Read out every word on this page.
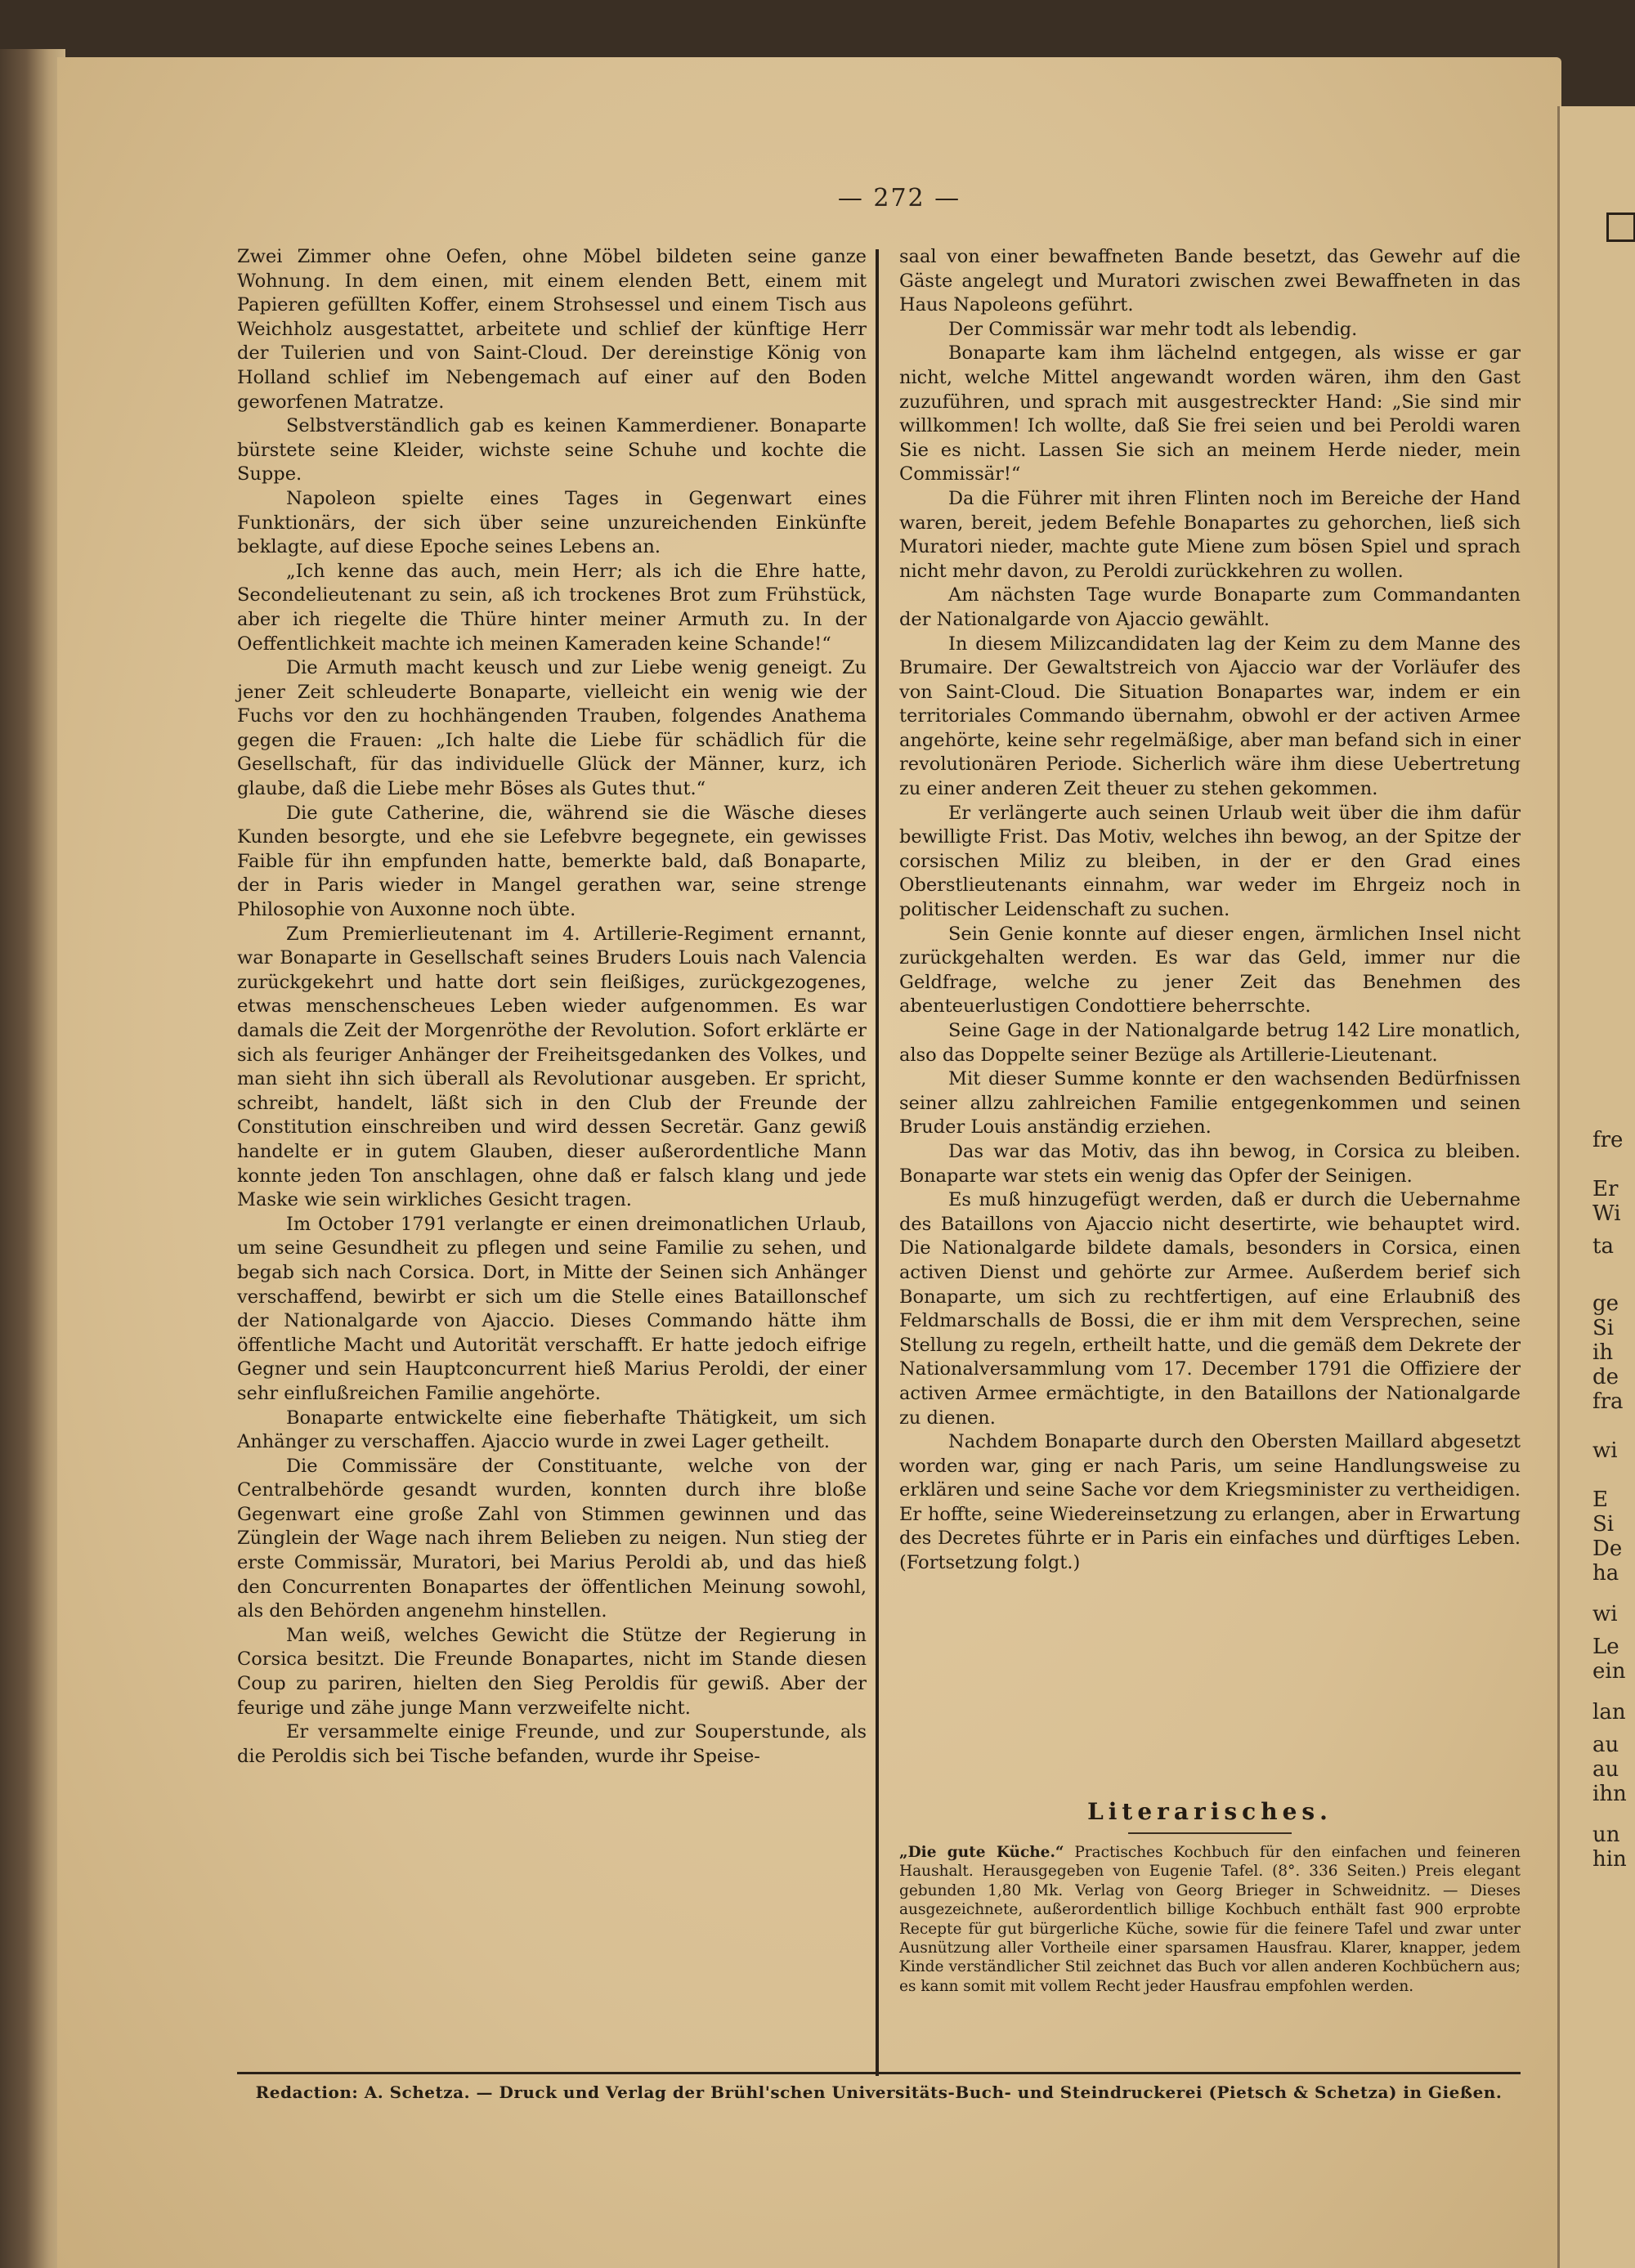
fre
Er
Wi
ta
ge
Si
ih
de
fra
wi
E
Si
De
ha
wi
Le
ein
lan
au
au
ihn
un
hin
— 272 —

Zwei Zimmer ohne Oefen, ohne Möbel bildeten seine ganze Wohnung. In dem einen, mit einem elenden Bett, einem mit Papieren gefüllten Koffer, einem Strohsessel und einem Tisch aus Weichholz ausgestattet, arbeitete und schlief der künftige Herr der Tuilerien und von Saint-Cloud. Der dereinstige König von Holland schlief im Nebengemach auf einer auf den Boden geworfenen Matratze.

Selbstverständlich gab es keinen Kammerdiener. Bonaparte bürstete seine Kleider, wichste seine Schuhe und kochte die Suppe.

Napoleon spielte eines Tages in Gegenwart eines Funktionärs, der sich über seine unzureichenden Einkünfte beklagte, auf diese Epoche seines Lebens an.

„Ich kenne das auch, mein Herr; als ich die Ehre hatte, Secondelieutenant zu sein, aß ich trockenes Brot zum Frühstück, aber ich riegelte die Thüre hinter meiner Armuth zu. In der Oeffentlichkeit machte ich meinen Kameraden keine Schande!“

Die Armuth macht keusch und zur Liebe wenig geneigt. Zu jener Zeit schleuderte Bonaparte, vielleicht ein wenig wie der Fuchs vor den zu hochhängenden Trauben, folgendes Anathema gegen die Frauen: „Ich halte die Liebe für schädlich für die Gesellschaft, für das individuelle Glück der Männer, kurz, ich glaube, daß die Liebe mehr Böses als Gutes thut.“

Die gute Catherine, die, während sie die Wäsche dieses Kunden besorgte, und ehe sie Lefebvre begegnete, ein gewisses Faible für ihn empfunden hatte, bemerkte bald, daß Bonaparte, der in Paris wieder in Mangel gerathen war, seine strenge Philosophie von Auxonne noch übte.

Zum Premierlieutenant im 4. Artillerie-Regiment ernannt, war Bonaparte in Gesellschaft seines Bruders Louis nach Valencia zurückgekehrt und hatte dort sein fleißiges, zurückgezogenes, etwas menschenscheues Leben wieder aufgenommen. Es war damals die Zeit der Morgenröthe der Revolution. Sofort erklärte er sich als feuriger Anhänger der Freiheitsgedanken des Volkes, und man sieht ihn sich überall als Revolutionar ausgeben. Er spricht, schreibt, handelt, läßt sich in den Club der Freunde der Constitution einschreiben und wird dessen Secretär. Ganz gewiß handelte er in gutem Glauben, dieser außerordentliche Mann konnte jeden Ton anschlagen, ohne daß er falsch klang und jede Maske wie sein wirkliches Gesicht tragen.

Im October 1791 verlangte er einen dreimonatlichen Urlaub, um seine Gesundheit zu pflegen und seine Familie zu sehen, und begab sich nach Corsica. Dort, in Mitte der Seinen sich Anhänger verschaffend, bewirbt er sich um die Stelle eines Bataillonschef der Nationalgarde von Ajaccio. Dieses Commando hätte ihm öffentliche Macht und Autorität verschafft. Er hatte jedoch eifrige Gegner und sein Hauptconcurrent hieß Marius Peroldi, der einer sehr einflußreichen Familie angehörte.

Bonaparte entwickelte eine fieberhafte Thätigkeit, um sich Anhänger zu verschaffen. Ajaccio wurde in zwei Lager getheilt.

Die Commissäre der Constituante, welche von der Centralbehörde gesandt wurden, konnten durch ihre bloße Gegenwart eine große Zahl von Stimmen gewinnen und das Zünglein der Wage nach ihrem Belieben zu neigen. Nun stieg der erste Commissär, Muratori, bei Marius Peroldi ab, und das hieß den Concurrenten Bonapartes der öffentlichen Meinung sowohl, als den Behörden angenehm hinstellen.

Man weiß, welches Gewicht die Stütze der Regierung in Corsica besitzt. Die Freunde Bonapartes, nicht im Stande diesen Coup zu pariren, hielten den Sieg Peroldis für gewiß. Aber der feurige und zähe junge Mann verzweifelte nicht.

Er versammelte einige Freunde, und zur Souperstunde, als die Peroldis sich bei Tische befanden, wurde ihr Speise-

saal von einer bewaffneten Bande besetzt, das Gewehr auf die Gäste angelegt und Muratori zwischen zwei Bewaffneten in das Haus Napoleons geführt.

Der Commissär war mehr todt als lebendig.

Bonaparte kam ihm lächelnd entgegen, als wisse er gar nicht, welche Mittel angewandt worden wären, ihm den Gast zuzuführen, und sprach mit ausgestreckter Hand: „Sie sind mir willkommen! Ich wollte, daß Sie frei seien und bei Peroldi waren Sie es nicht. Lassen Sie sich an meinem Herde nieder, mein Commissär!“

Da die Führer mit ihren Flinten noch im Bereiche der Hand waren, bereit, jedem Befehle Bonapartes zu gehorchen, ließ sich Muratori nieder, machte gute Miene zum bösen Spiel und sprach nicht mehr davon, zu Peroldi zurückkehren zu wollen.

Am nächsten Tage wurde Bonaparte zum Commandanten der Nationalgarde von Ajaccio gewählt.

In diesem Milizcandidaten lag der Keim zu dem Manne des Brumaire. Der Gewaltstreich von Ajaccio war der Vorläufer des von Saint-Cloud. Die Situation Bonapartes war, indem er ein territoriales Commando übernahm, obwohl er der activen Armee angehörte, keine sehr regelmäßige, aber man befand sich in einer revolutionären Periode. Sicherlich wäre ihm diese Uebertretung zu einer anderen Zeit theuer zu stehen gekommen.

Er verlängerte auch seinen Urlaub weit über die ihm dafür bewilligte Frist. Das Motiv, welches ihn bewog, an der Spitze der corsischen Miliz zu bleiben, in der er den Grad eines Oberstlieutenants einnahm, war weder im Ehrgeiz noch in politischer Leidenschaft zu suchen.

Sein Genie konnte auf dieser engen, ärmlichen Insel nicht zurückgehalten werden. Es war das Geld, immer nur die Geldfrage, welche zu jener Zeit das Benehmen des abenteuerlustigen Condottiere beherrschte.

Seine Gage in der Nationalgarde betrug 142 Lire monatlich, also das Doppelte seiner Bezüge als Artillerie-Lieutenant.

Mit dieser Summe konnte er den wachsenden Bedürfnissen seiner allzu zahlreichen Familie entgegenkommen und seinen Bruder Louis anständig erziehen.

Das war das Motiv, das ihn bewog, in Corsica zu bleiben. Bonaparte war stets ein wenig das Opfer der Seinigen.

Es muß hinzugefügt werden, daß er durch die Uebernahme des Bataillons von Ajaccio nicht desertirte, wie behauptet wird. Die Nationalgarde bildete damals, besonders in Corsica, einen activen Dienst und gehörte zur Armee. Außerdem berief sich Bonaparte, um sich zu rechtfertigen, auf eine Erlaubniß des Feldmarschalls de Bossi, die er ihm mit dem Versprechen, seine Stellung zu regeln, ertheilt hatte, und die gemäß dem Dekrete der Nationalversammlung vom 17. December 1791 die Offiziere der activen Armee ermächtigte, in den Bataillons der Nationalgarde zu dienen.

Nachdem Bonaparte durch den Obersten Maillard abgesetzt worden war, ging er nach Paris, um seine Handlungsweise zu erklären und seine Sache vor dem Kriegsminister zu vertheidigen. Er hoffte, seine Wiedereinsetzung zu erlangen, aber in Erwartung des Decretes führte er in Paris ein einfaches und dürftiges Leben. (Fortsetzung folgt.)

Literarisches.
„Die gute Küche.“ Practisches Kochbuch für den einfachen und feineren Haushalt. Herausgegeben von Eugenie Tafel. (8°. 336 Seiten.) Preis elegant gebunden 1,80 Mk. Verlag von Georg Brieger in Schweidnitz. — Dieses ausgezeichnete, außerordentlich billige Kochbuch enthält fast 900 erprobte Recepte für gut bürgerliche Küche, sowie für die feinere Tafel und zwar unter Ausnützung aller Vortheile einer sparsamen Hausfrau. Klarer, knapper, jedem Kinde verständlicher Stil zeichnet das Buch vor allen anderen Kochbüchern aus; es kann somit mit vollem Recht jeder Hausfrau empfohlen werden.
Redaction: A. Schetza. — Druck und Verlag der Brühl'schen Universitäts-Buch- und Steindruckerei (Pietsch & Schetza) in Gießen.
